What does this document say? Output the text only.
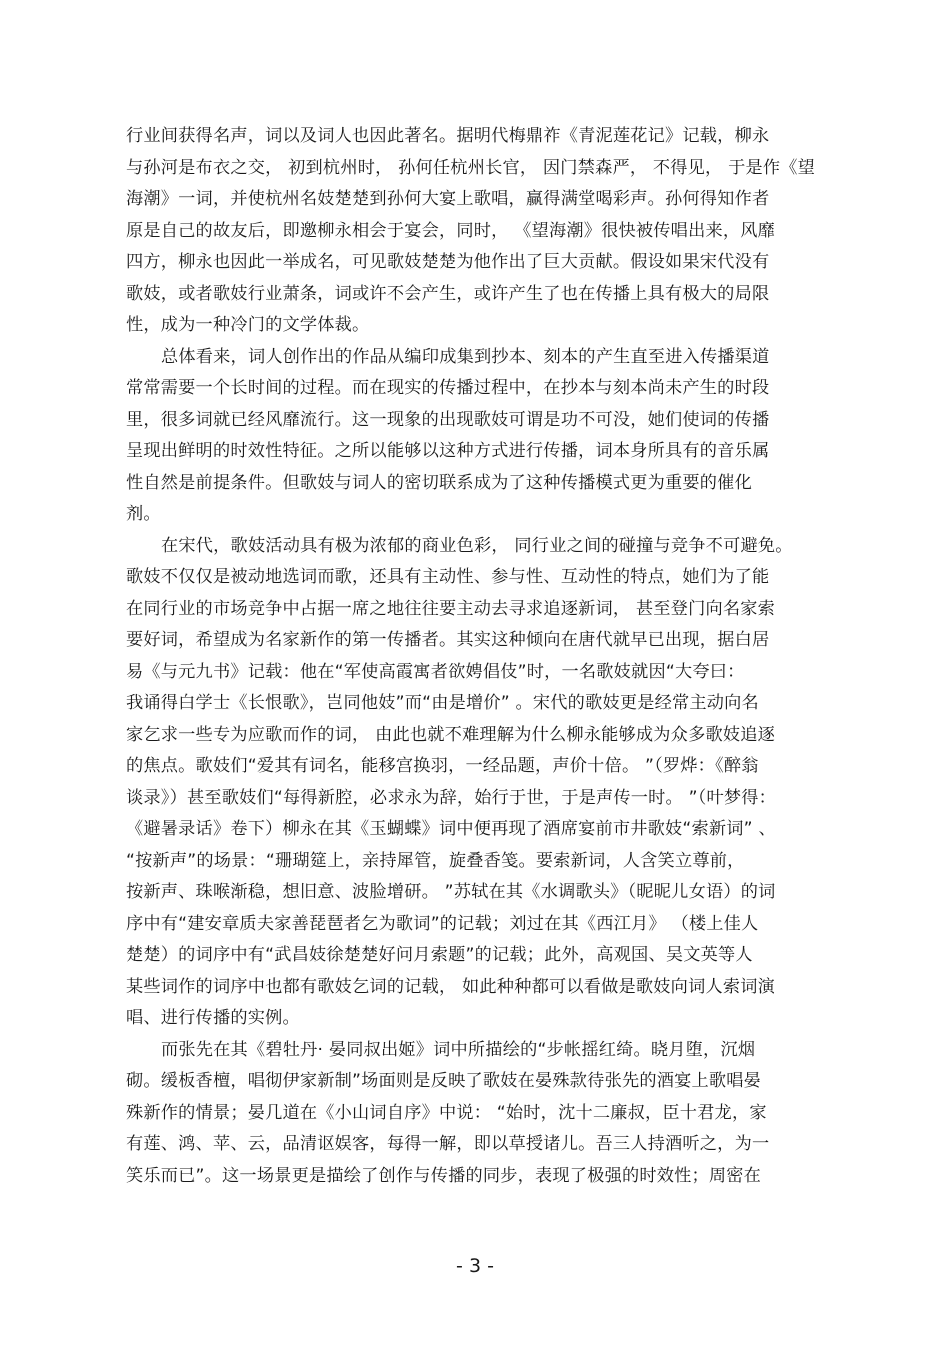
行业间获得名声，词以及词人也因此著名。据明代梅鼎祚《青泥莲花记》记载，柳永
与孙河是布衣之交， 初到杭州时， 孙何任杭州长官， 因门禁森严， 不得见， 于是作《望
海潮》一词，并使杭州名妓楚楚到孙何大宴上歌唱，赢得满堂喝彩声。孙何得知作者
原是自己的故友后，即邀柳永相会于宴会，同时， 《望海潮》很快被传唱出来，风靡
四方，柳永也因此一举成名，可见歌妓楚楚为他作出了巨大贡献。假设如果宋代没有
歌妓，或者歌妓行业萧条，词或许不会产生，或许产生了也在传播上具有极大的局限
性，成为一种冷门的文学体裁。
总体看来，词人创作出的作品从编印成集到抄本、刻本的产生直至进入传播渠道
常常需要一个长时间的过程。而在现实的传播过程中，在抄本与刻本尚未产生的时段
里，很多词就已经风靡流行。这一现象的出现歌妓可谓是功不可没，她们使词的传播
呈现出鲜明的时效性特征。之所以能够以这种方式进行传播，词本身所具有的音乐属
性自然是前提条件。但歌妓与词人的密切联系成为了这种传播模式更为重要的催化
剂。
在宋代，歌妓活动具有极为浓郁的商业色彩， 同行业之间的碰撞与竞争不可避免。
歌妓不仅仅是被动地选词而歌，还具有主动性、参与性、互动性的特点，她们为了能
在同行业的市场竞争中占据一席之地往往要主动去寻求追逐新词， 甚至登门向名家索
要好词，希望成为名家新作的第一传播者。其实这种倾向在唐代就早已出现，据白居
易《与元九书》记载：他在“军使高霞寓者欲娉倡伎”时，一名歌妓就因“大夸曰：
我诵得白学士《长恨歌》，岂同他妓”而“由是增价” 。宋代的歌妓更是经常主动向名
家乞求一些专为应歌而作的词， 由此也就不难理解为什么柳永能够成为众多歌妓追逐
的焦点。歌妓们“爱其有词名，能移宫换羽，一经品题，声价十倍。 ”（罗烨：《醉翁
谈录》）甚至歌妓们“每得新腔，必求永为辞，始行于世，于是声传一时。 ”（叶梦得：
《避暑录话》卷下）柳永在其《玉蝴蝶》词中便再现了酒席宴前市井歌妓“索新词” 、
“按新声”的场景：“珊瑚筵上，亲持犀管，旋叠香笺。要索新词，人含笑立尊前，
按新声、珠喉渐稳，想旧意、波脸增研。 ”苏轼在其《水调歌头》（昵昵儿女语）的词
序中有“建安章质夫家善琵琶者乞为歌词”的记载；刘过在其《西江月》 （楼上佳人
楚楚）的词序中有“武昌妓徐楚楚好问月索题”的记载；此外，高观国、吴文英等人
某些词作的词序中也都有歌妓乞词的记载， 如此种种都可以看做是歌妓向词人索词演
唱、进行传播的实例。
而张先在其《碧牡丹· 晏同叔出姬》词中所描绘的“步帐摇红绮。晓月堕，沉烟
砌。缓板香檀，唱彻伊家新制”场面则是反映了歌妓在晏殊款待张先的酒宴上歌唱晏
殊新作的情景；晏几道在《小山词自序》中说： “始时，沈十二廉叔，臣十君龙，家
有莲、鸿、苹、云，品清讴娱客，每得一解，即以草授诸儿。吾三人持酒听之，为一
笑乐而已”。这一场景更是描绘了创作与传播的同步，表现了极强的时效性；周密在
- 3 -
